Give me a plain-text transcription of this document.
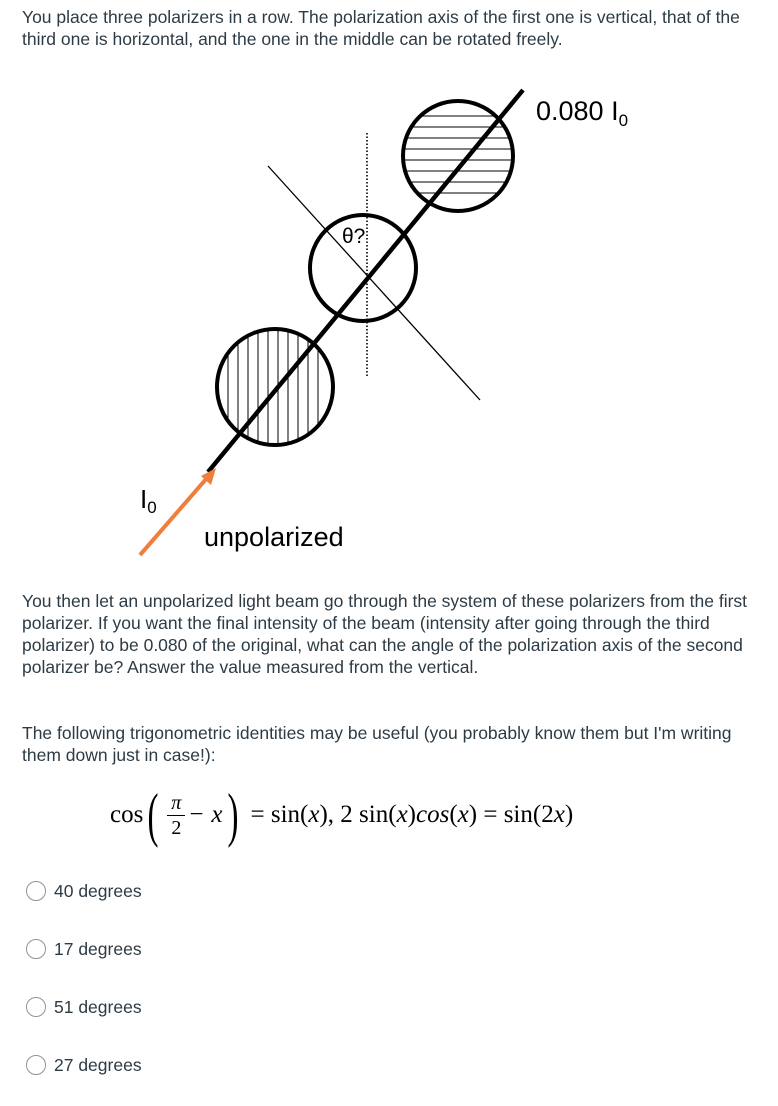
You place three polarizers in a row. The polarization axis of the first one is vertical, that of the third one is horizontal, and the one in the middle can be rotated freely.

0.080 $I_0$
θ?
I0
unpolarized

You then let an unpolarized light beam go through the system of these polarizers from the first polarizer. If you want the final intensity of the beam (intensity after going through the third polarizer) to be 0.080 of the original, what can the angle of the polarization axis of the second polarizer be? Answer the value measured from the vertical.

The following trigonometric identities may be useful (you probably know them but I'm writing them down just in case!):

cos ( $\frac{\pi}{2} - x$ ) = sin( x ), 2 sin( x ) cos ( x ) = sin(2 x )
40 degrees
17 degrees
51 degrees
27 degrees
